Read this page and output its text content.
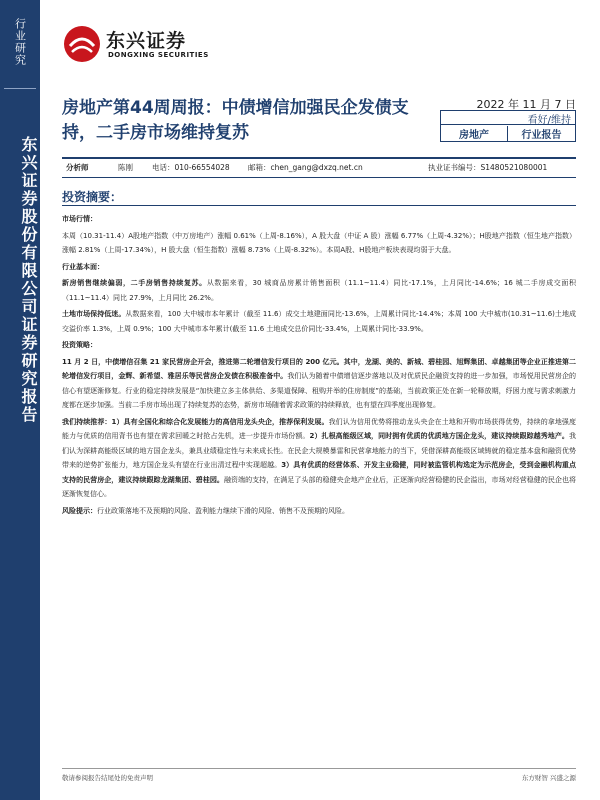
行业研究
东兴证券股份有限公司证券研究报告
东兴证券
DONGXING SECURITIES
房地产第44周周报：中债增信加强民企发债支持，二手房市场维持复苏
2022 年 11 月 7 日
看好/维持
房地产	行业报告
分析师	陈刚	电话：010-66554028 邮箱：chen_gang@dxzq.net.cn	执业证书编号：S1480521080001
投资摘要：

市场行情：

本周（10.31-11.4）A股地产指数（中万房地产）涨幅 0.61%（上周-8.16%），A 股大盘（中证 A 股）涨幅 6.77%（上周-4.32%）；H股地产指数（恒生地产指数）涨幅 2.81%（上周-17.34%），H 股大盘（恒生指数）涨幅 8.73%（上周-8.32%）。本周A股、H股地产板块表现均弱于大盘。

行业基本面：

新房销售继续偏弱，二手房销售持续复苏。从数据来看，30 城商品房累计销售面积（11.1~11.4）同比-17.1%，上月同比-14.6%；16 城二手房成交面积（11.1~11.4）同比 27.9%，上月同比 26.2%。

土地市场保持低迷。从数据来看，100 大中城市本年累计（截至 11.6）成交土地建面同比-13.6%，上周累计同比-14.4%；本周 100 大中城市(10.31~11.6)土地成交溢价率 1.3%，上周 0.9%；100 大中城市本年累计(截至 11.6 土地成交总价同比-33.4%，上周累计同比-33.9%。

投资策略：

11 月 2 日，中债增信召集 21 家民营房企开会，推进第二轮增信发行项目的 200 亿元。其中，龙湖、美的、新城、碧桂园、旭辉集团、卓越集团等企业正推进第二轮增信发行项目，金辉、新希望、雅居乐等民营房企发债在积极准备中。我们认为随着中债增信逐步落地以及对优质民企融资支持的进一步加强，市场悦用民营房企的信心有望逐渐修复。行业的稳定持续发展是“加快建立多主体供给、多渠道保障、租购并举的住房制度”的基础，当前政策正处在新一轮释放期，纾困力度与需求刺激力度都在逐步加强。当前二手房市场出现了持续复苏的态势，新房市场随着需求政策的持续释放，也有望在四季度出现修复。

我们持续推荐：1）具有全国化和综合化发展能力的高信用龙头央企，推荐保利发展。我们认为信用优势将推动龙头央企在土地和开购市场获得优势，持续的拿地强度能力与优质的信用背书也有望在需求回暖之时抢占先机，进一步提升市场份额。2）扎根高能级区域，同时拥有优质的优质地方国企龙头，建议持续跟踪越秀地产。我们认为深耕高能级区域的地方国企龙头，兼具业绩稳定性与未来成长性。在民企大规模暴雷和民营拿地能力的当下，凭借深耕高能级区域铸就的稳定基本盘和融资优势带来的逆势扩张能力，地方国企龙头有望在行业出清过程中实现超越。3）具有优质的经营体系、开发主业稳健，同时被监管机构选定为示范房企，受到金融机构重点支持的民营房企，建议持续跟踪龙湖集团、碧桂园。融资端的支持，在满足了头部的稳健央企地产企业后，正逐渐向经营稳健的民企溢出，市场对经营稳健的民企也将逐渐恢复信心。

风险提示：行业政策落地不及预期的风险、盈利能力继续下滑的风险、销售不及预期的风险。

敬请参阅报告结尾处的免责声明	东方财智 兴盛之源
